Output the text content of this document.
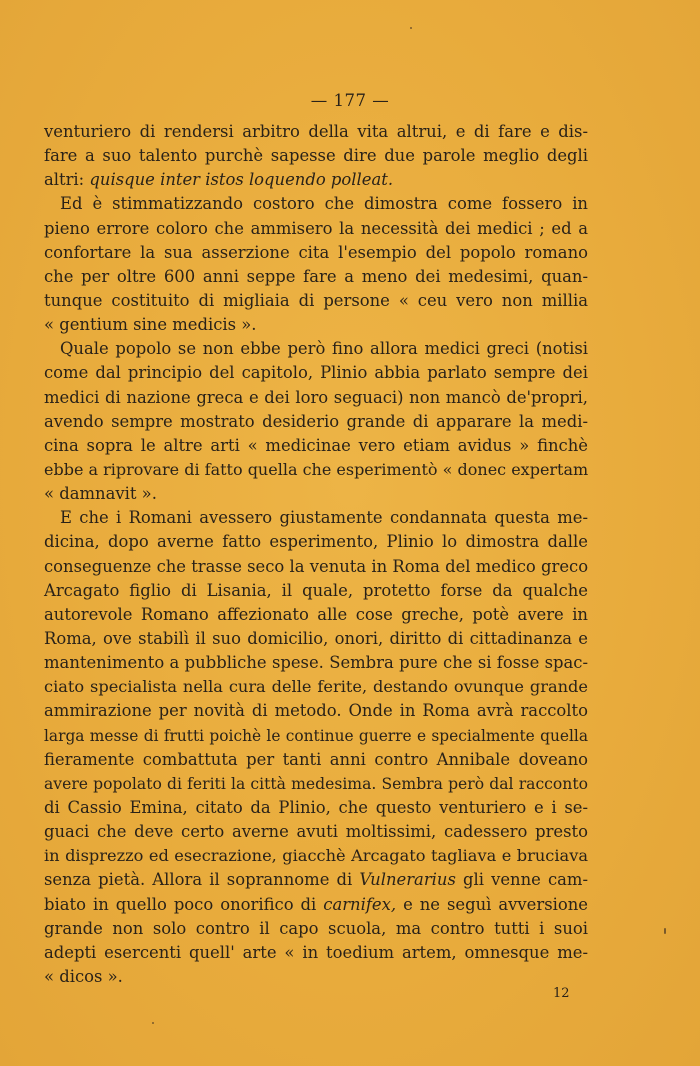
— 177 —
venturiero di rendersi arbitro della vita altrui, e di fare e dis-
fare a suo talento purchè sapesse dire due parole meglio degli
altri: quisque inter istos loquendo polleat.
Ed è stimmatizzando costoro che dimostra come fossero in
pieno errore coloro che ammisero la necessità dei medici ; ed a
confortare la sua asserzione cita l'esempio del popolo romano
che per oltre 600 anni seppe fare a meno dei medesimi, quan-
tunque costituito di migliaia di persone « ceu vero non millia
« gentium sine medicis ».
Quale popolo se non ebbe però fino allora medici greci (notisi
come dal principio del capitolo, Plinio abbia parlato sempre dei
medici di nazione greca e dei loro seguaci) non mancò de'propri,
avendo sempre mostrato desiderio grande di apparare la medi-
cina sopra le altre arti « medicinae vero etiam avidus » finchè
ebbe a riprovare di fatto quella che esperimentò « donec expertam
« damnavit ».
E che i Romani avessero giustamente condannata questa me-
dicina, dopo averne fatto esperimento, Plinio lo dimostra dalle
conseguenze che trasse seco la venuta in Roma del medico greco
Arcagato figlio di Lisania, il quale, protetto forse da qualche
autorevole Romano affezionato alle cose greche, potè avere in
Roma, ove stabilì il suo domicilio, onori, diritto di cittadinanza e
mantenimento a pubbliche spese. Sembra pure che si fosse spac-
ciato specialista nella cura delle ferite, destando ovunque grande
ammirazione per novità di metodo. Onde in Roma avrà raccolto
larga messe di frutti poichè le continue guerre e specialmente quella
fieramente combattuta per tanti anni contro Annibale doveano
avere popolato di feriti la città medesima. Sembra però dal racconto
di Cassio Emina, citato da Plinio, che questo venturiero e i se-
guaci che deve certo averne avuti moltissimi, cadessero presto
in disprezzo ed esecrazione, giacchè Arcagato tagliava e bruciava
senza pietà. Allora il soprannome di Vulnerarius gli venne cam-
biato in quello poco onorifico di carnifex, e ne seguì avversione
grande non solo contro il capo scuola, ma contro tutti i suoi
adepti esercenti quell' arte « in toedium artem, omnesque me-
« dicos ».
12
